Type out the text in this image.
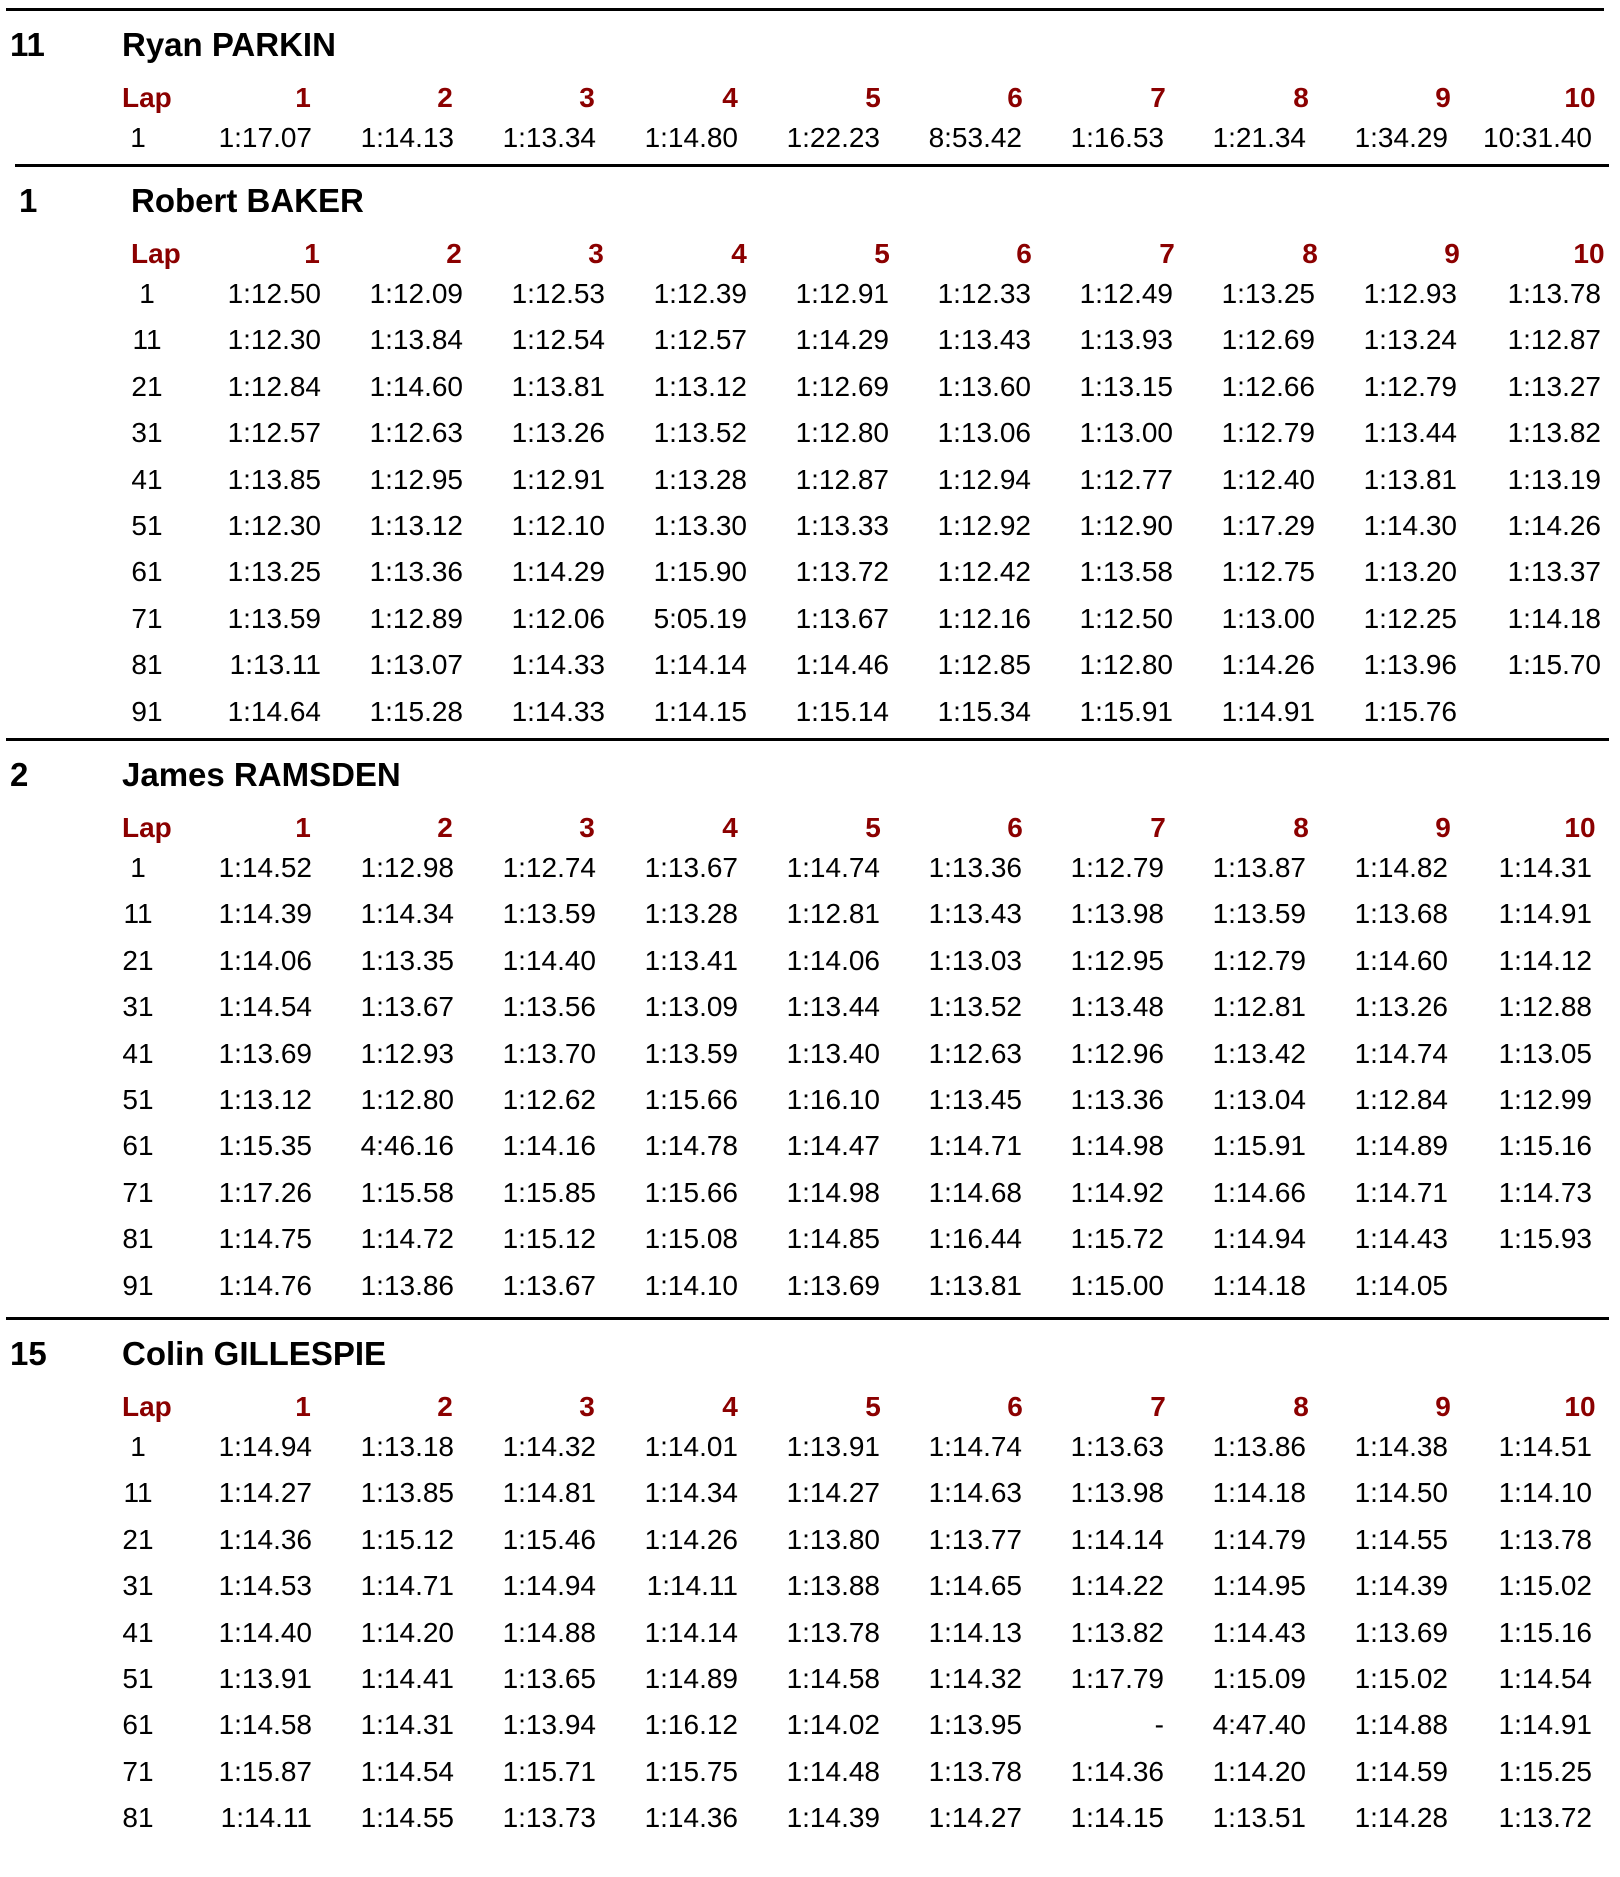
11 Ryan PARKIN
Lap	1	2	3	4	5	6	7	8	9	10
1	1:17.07	1:14.13	1:13.34	1:14.80	1:22.23	8:53.42	1:16.53	1:21.34	1:34.29	10:31.40
1	Robert BAKER
Lap	1	2	3	4	5	6	7	8	9	10
1	1:12.50	1:12.09	1:12.53	1:12.39	1:12.91	1:12.33	1:12.49	1:13.25	1:12.93	1:13.78
11	1:12.30	1:13.84	1:12.54	1:12.57	1:14.29	1:13.43	1:13.93	1:12.69	1:13.24	1:12.87
21	1:12.84	1:14.60	1:13.81	1:13.12	1:12.69	1:13.60	1:13.15	1:12.66	1:12.79	1:13.27
31	1:12.57	1:12.63	1:13.26	1:13.52	1:12.80	1:13.06	1:13.00	1:12.79	1:13.44	1:13.82
41	1:13.85	1:12.95	1:12.91	1:13.28	1:12.87	1:12.94	1:12.77	1:12.40	1:13.81	1:13.19
51	1:12.30	1:13.12	1:12.10	1:13.30	1:13.33	1:12.92	1:12.90	1:17.29	1:14.30	1:14.26
61	1:13.25	1:13.36	1:14.29	1:15.90	1:13.72	1:12.42	1:13.58	1:12.75	1:13.20	1:13.37
71	1:13.59	1:12.89	1:12.06	5:05.19	1:13.67	1:12.16	1:12.50	1:13.00	1:12.25	1:14.18
81	1:13.11	1:13.07	1:14.33	1:14.14	1:14.46	1:12.85	1:12.80	1:14.26	1:13.96	1:15.70
91	1:14.64	1:15.28	1:14.33	1:14.15	1:15.14	1:15.34	1:15.91	1:14.91	1:15.76
2	James RAMSDEN
Lap	1	2	3	4	5	6	7	8	9	10
1	1:14.52	1:12.98	1:12.74	1:13.67	1:14.74	1:13.36	1:12.79	1:13.87	1:14.82	1:14.31
11	1:14.39	1:14.34	1:13.59	1:13.28	1:12.81	1:13.43	1:13.98	1:13.59	1:13.68	1:14.91
21	1:14.06	1:13.35	1:14.40	1:13.41	1:14.06	1:13.03	1:12.95	1:12.79	1:14.60	1:14.12
31	1:14.54	1:13.67	1:13.56	1:13.09	1:13.44	1:13.52	1:13.48	1:12.81	1:13.26	1:12.88
41	1:13.69	1:12.93	1:13.70	1:13.59	1:13.40	1:12.63	1:12.96	1:13.42	1:14.74	1:13.05
51	1:13.12	1:12.80	1:12.62	1:15.66	1:16.10	1:13.45	1:13.36	1:13.04	1:12.84	1:12.99
61	1:15.35	4:46.16	1:14.16	1:14.78	1:14.47	1:14.71	1:14.98	1:15.91	1:14.89	1:15.16
71	1:17.26	1:15.58	1:15.85	1:15.66	1:14.98	1:14.68	1:14.92	1:14.66	1:14.71	1:14.73
81	1:14.75	1:14.72	1:15.12	1:15.08	1:14.85	1:16.44	1:15.72	1:14.94	1:14.43	1:15.93
91	1:14.76	1:13.86	1:13.67	1:14.10	1:13.69	1:13.81	1:15.00	1:14.18	1:14.05
15 Colin GILLESPIE
Lap	1	2	3	4	5	6	7	8	9	10
1	1:14.94	1:13.18	1:14.32	1:14.01	1:13.91	1:14.74	1:13.63	1:13.86	1:14.38	1:14.51
11	1:14.27	1:13.85	1:14.81	1:14.34	1:14.27	1:14.63	1:13.98	1:14.18	1:14.50	1:14.10
21	1:14.36	1:15.12	1:15.46	1:14.26	1:13.80	1:13.77	1:14.14	1:14.79	1:14.55	1:13.78
31	1:14.53	1:14.71	1:14.94	1:14.11	1:13.88	1:14.65	1:14.22	1:14.95	1:14.39	1:15.02
41	1:14.40	1:14.20	1:14.88	1:14.14	1:13.78	1:14.13	1:13.82	1:14.43	1:13.69	1:15.16
51	1:13.91	1:14.41	1:13.65	1:14.89	1:14.58	1:14.32	1:17.79	1:15.09	1:15.02	1:14.54
61	1:14.58	1:14.31	1:13.94	1:16.12	1:14.02	1:13.95	-	4:47.40	1:14.88	1:14.91
71	1:15.87	1:14.54	1:15.71	1:15.75	1:14.48	1:13.78	1:14.36	1:14.20	1:14.59	1:15.25
81	1:14.11	1:14.55	1:13.73	1:14.36	1:14.39	1:14.27	1:14.15	1:13.51	1:14.28	1:13.72
